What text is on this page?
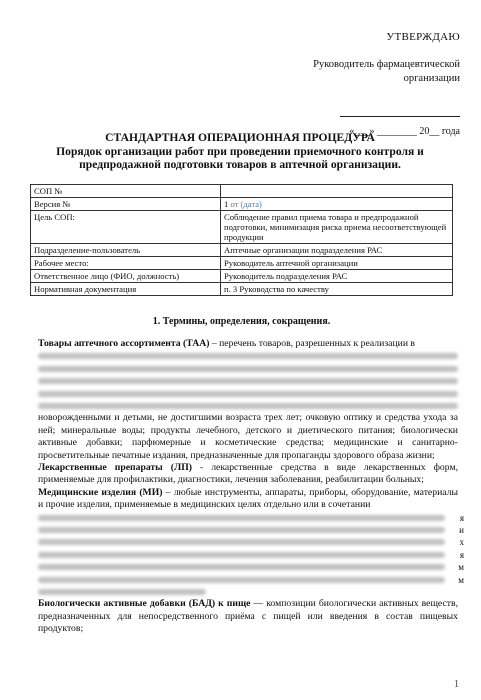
УТВЕРЖДАЮ
Руководитель фармацевтической
организации
«___» ________ 20__ года
СТАНДАРТНАЯ ОПЕРАЦИОННАЯ ПРОЦЕДУРА
Порядок организации работ при проведении приемочного контроля и
предпродажной подготовки товаров в аптечной организации.
СОП №	
Версия №	1 от (дата)
Цель СОП:	Соблюдение правил приема товара и предпродажной подготовки, минимизация риска приема несоответствующей продукции
Подразделение-пользователь	Аптечные организации подразделения РАС
Рабочее место:	Руководитель аптечной организации
Ответственное лицо (ФИО, должность)	Руководитель подразделения РАС
Нормативная документация	п. 3 Руководства по качеству
1. Термины, определения, сокращения.

Товары аптечного ассортимента (ТАА) – перечень товаров, разрешенных к реализации в

новорожденными и детьми, не достигшими возраста трех лет; очковую оптику и средства ухода за ней; минеральные воды; продукты лечебного, детского и диетического питания; биологически активные добавки; парфюмерные и косметические средства; медицинские и санитарно-просветительные печатные издания, предназначенные для пропаганды здорового образа жизни;

Лекарственные препараты (ЛП) - лекарственные средства в виде лекарственных форм, применяемые для профилактики, диагностики, лечения заболевания, реабилитации больных;

Медицинские изделия (МИ) – любые инструменты, аппараты, приборы, оборудование, материалы и прочие изделия, применяемые в медицинских целях отдельно или в сочетании

я
и
х
я
м
м

Биологически активные добавки (БАД) к пище — композиции биологически активных веществ, предназначенных для непосредственного приёма с пищей или введения в состав пищевых продуктов;

1
